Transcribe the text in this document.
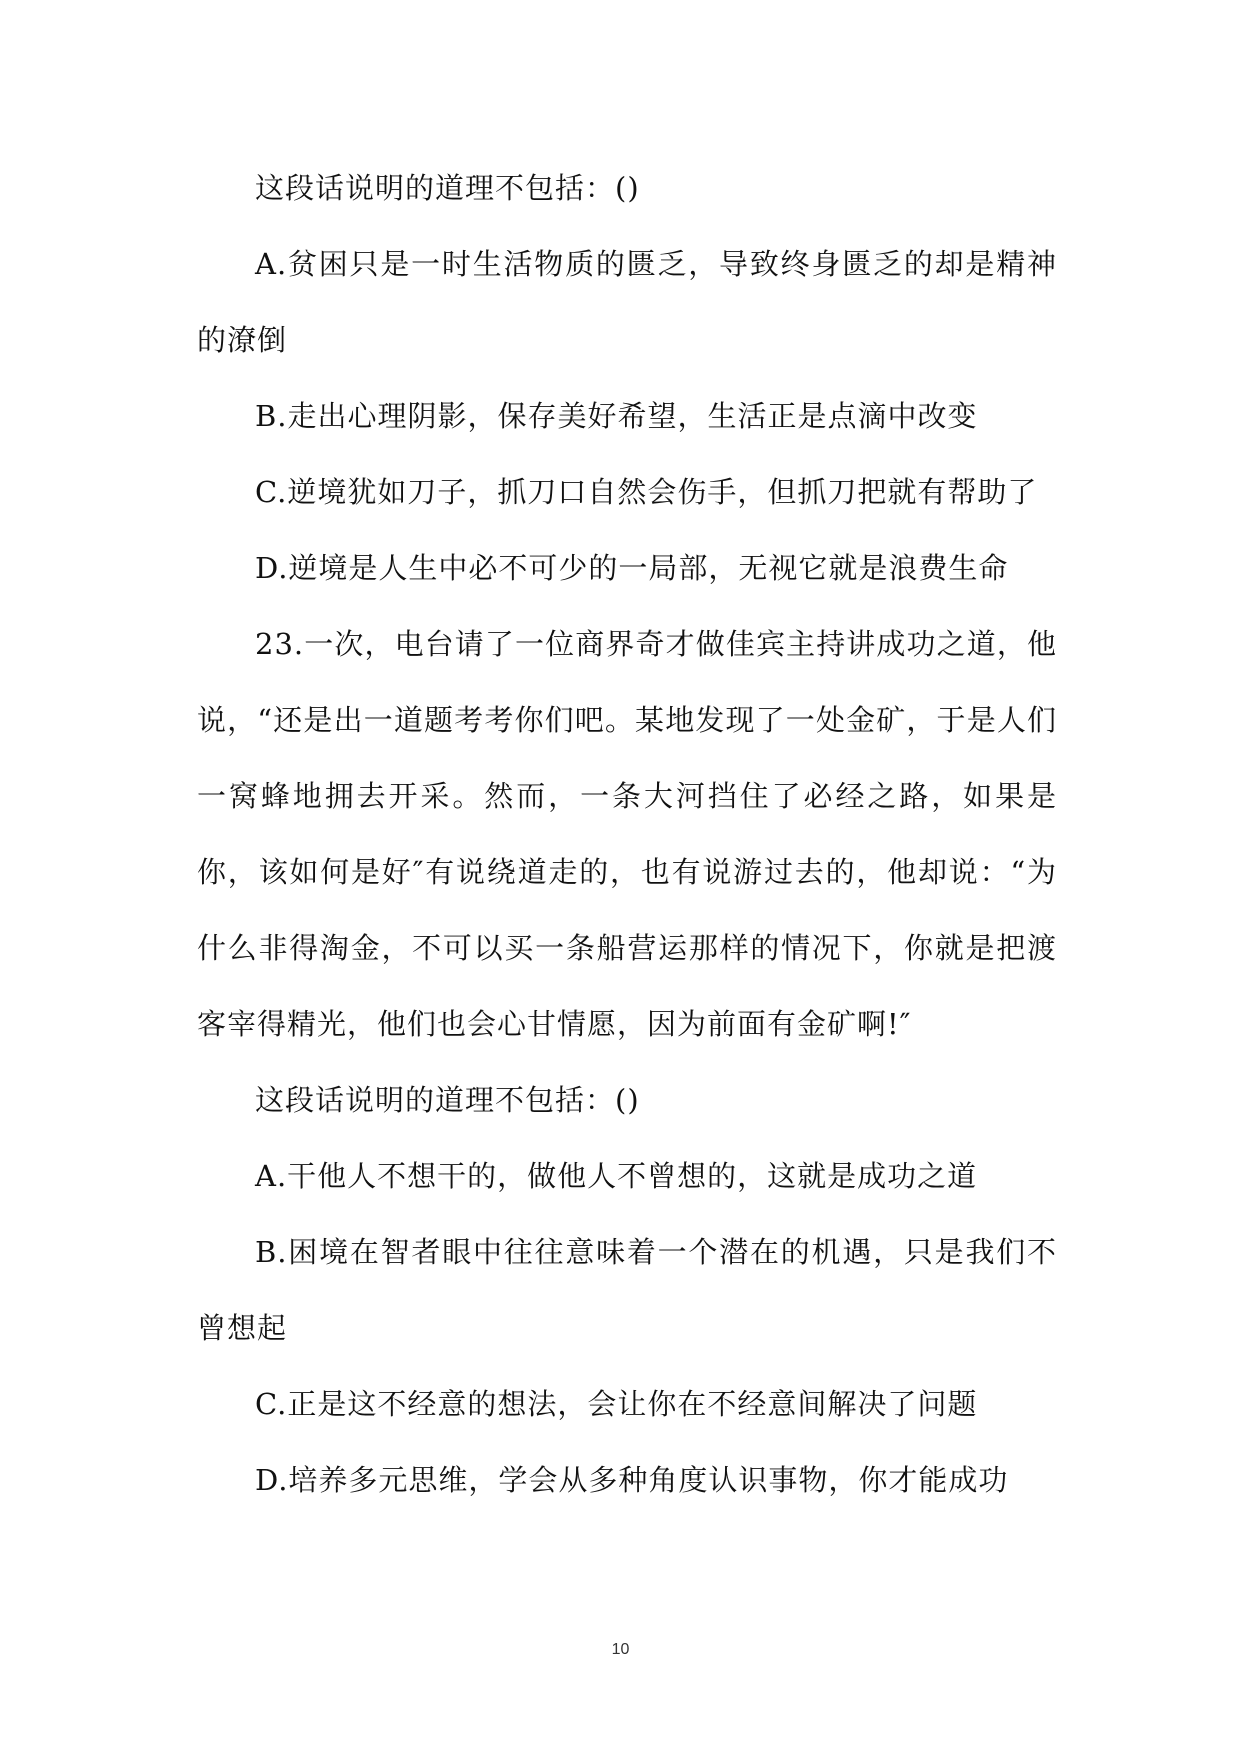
这段话说明的道理不包括：()

A.贫困只是一时生活物质的匮乏，导致终身匮乏的却是精神的潦倒

B.走出心理阴影，保存美好希望，生活正是点滴中改变

C.逆境犹如刀子，抓刀口自然会伤手，但抓刀把就有帮助了

D.逆境是人生中必不可少的一局部，无视它就是浪费生命

23.一次，电台请了一位商界奇才做佳宾主持讲成功之道，他说，“还是出一道题考考你们吧。某地发现了一处金矿，于是人们一窝蜂地拥去开采。然而，一条大河挡住了必经之路，如果是你，该如何是好″有说绕道走的，也有说游过去的，他却说：“为什么非得淘金，不可以买一条船营运那样的情况下，你就是把渡客宰得精光，他们也会心甘情愿，因为前面有金矿啊!″

这段话说明的道理不包括：()

A.干他人不想干的，做他人不曾想的，这就是成功之道

B.困境在智者眼中往往意味着一个潜在的机遇，只是我们不曾想起

C.正是这不经意的想法，会让你在不经意间解决了问题

D.培养多元思维，学会从多种角度认识事物，你才能成功

10
